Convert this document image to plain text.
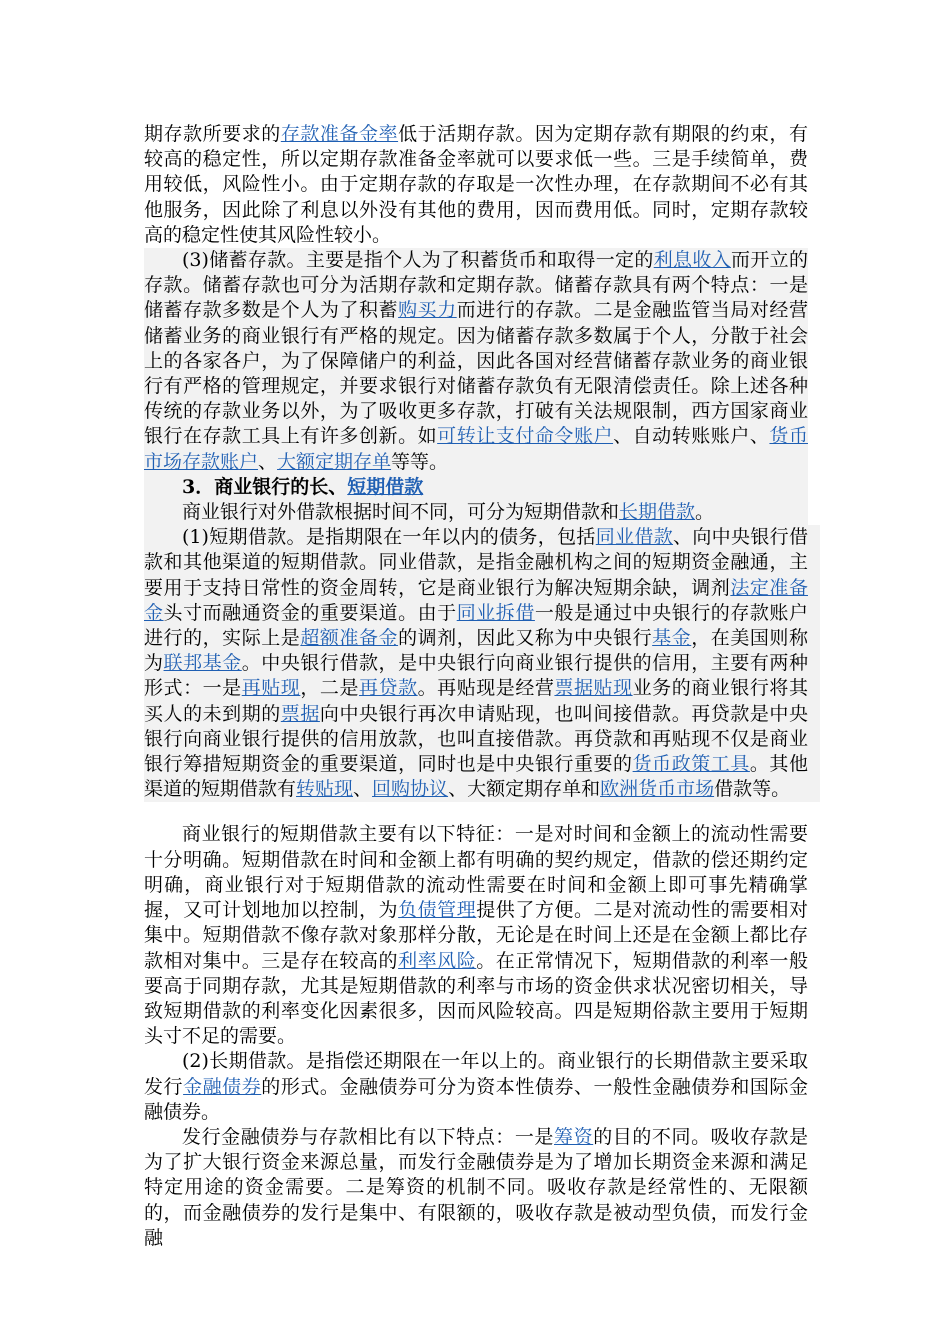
期存款所要求的存款准备金率低于活期存款。因为定期存款有期限的约束，有较高的稳定性，所以定期存款准备金率就可以要求低一些。三是手续简单，费用较低，风险性小。由于定期存款的存取是一次性办理，在存款期间不必有其他服务，因此除了利息以外没有其他的费用，因而费用低。同时，定期存款较高的稳定性使其风险性较小。

(3)储蓄存款。主要是指个人为了积蓄货币和取得一定的利息收入而开立的存款。储蓄存款也可分为活期存款和定期存款。储蓄存款具有两个特点：一是储蓄存款多数是个人为了积蓄购买力而进行的存款。二是金融监管当局对经营储蓄业务的商业银行有严格的规定。因为储蓄存款多数属于个人，分散于社会上的各家各户，为了保障储户的利益，因此各国对经营储蓄存款业务的商业银行有严格的管理规定，并要求银行对储蓄存款负有无限清偿责任。除上述各种传统的存款业务以外，为了吸收更多存款，打破有关法规限制，西方国家商业银行在存款工具上有许多创新。如可转让支付命令账户、自动转账账户、货币市场存款账户、大额定期存单等等。

3．商业银行的长、短期借款

商业银行对外借款根据时间不同，可分为短期借款和长期借款。

(1)短期借款。是指期限在一年以内的债务，包括同业借款、向中央银行借款和其他渠道的短期借款。同业借款，是指金融机构之间的短期资金融通，主要用于支持日常性的资金周转，它是商业银行为解决短期余缺，调剂法定准备金头寸而融通资金的重要渠道。由于同业拆借一般是通过中央银行的存款账户进行的，实际上是超额准备金的调剂，因此又称为中央银行基金，在美国则称为联邦基金。中央银行借款，是中央银行向商业银行提供的信用，主要有两种形式：一是再贴现，二是再贷款。再贴现是经营票据贴现业务的商业银行将其买人的未到期的票据向中央银行再次申请贴现，也叫间接借款。再贷款是中央银行向商业银行提供的信用放款，也叫直接借款。再贷款和再贴现不仅是商业银行筹措短期资金的重要渠道，同时也是中央银行重要的货币政策工具。其他渠道的短期借款有转贴现、回购协议、大额定期存单和欧洲货币市场借款等。

商业银行的短期借款主要有以下特征：一是对时间和金额上的流动性需要十分明确。短期借款在时间和金额上都有明确的契约规定，借款的偿还期约定明确，商业银行对于短期借款的流动性需要在时间和金额上即可事先精确掌握，又可计划地加以控制，为负债管理提供了方便。二是对流动性的需要相对集中。短期借款不像存款对象那样分散，无论是在时间上还是在金额上都比存款相对集中。三是存在较高的利率风险。在正常情况下，短期借款的利率一般要高于同期存款，尤其是短期借款的利率与市场的资金供求状况密切相关，导致短期借款的利率变化因素很多，因而风险较高。四是短期俗款主要用于短期头寸不足的需要。

(2)长期借款。是指偿还期限在一年以上的。商业银行的长期借款主要采取发行金融债券的形式。金融债券可分为资本性债券、一般性金融债券和国际金融债券。

发行金融债券与存款相比有以下特点：一是筹资的目的不同。吸收存款是为了扩大银行资金来源总量，而发行金融债券是为了增加长期资金来源和满足特定用途的资金需要。二是筹资的机制不同。吸收存款是经常性的、无限额的，而金融债券的发行是集中、有限额的，吸收存款是被动型负债，而发行金融
